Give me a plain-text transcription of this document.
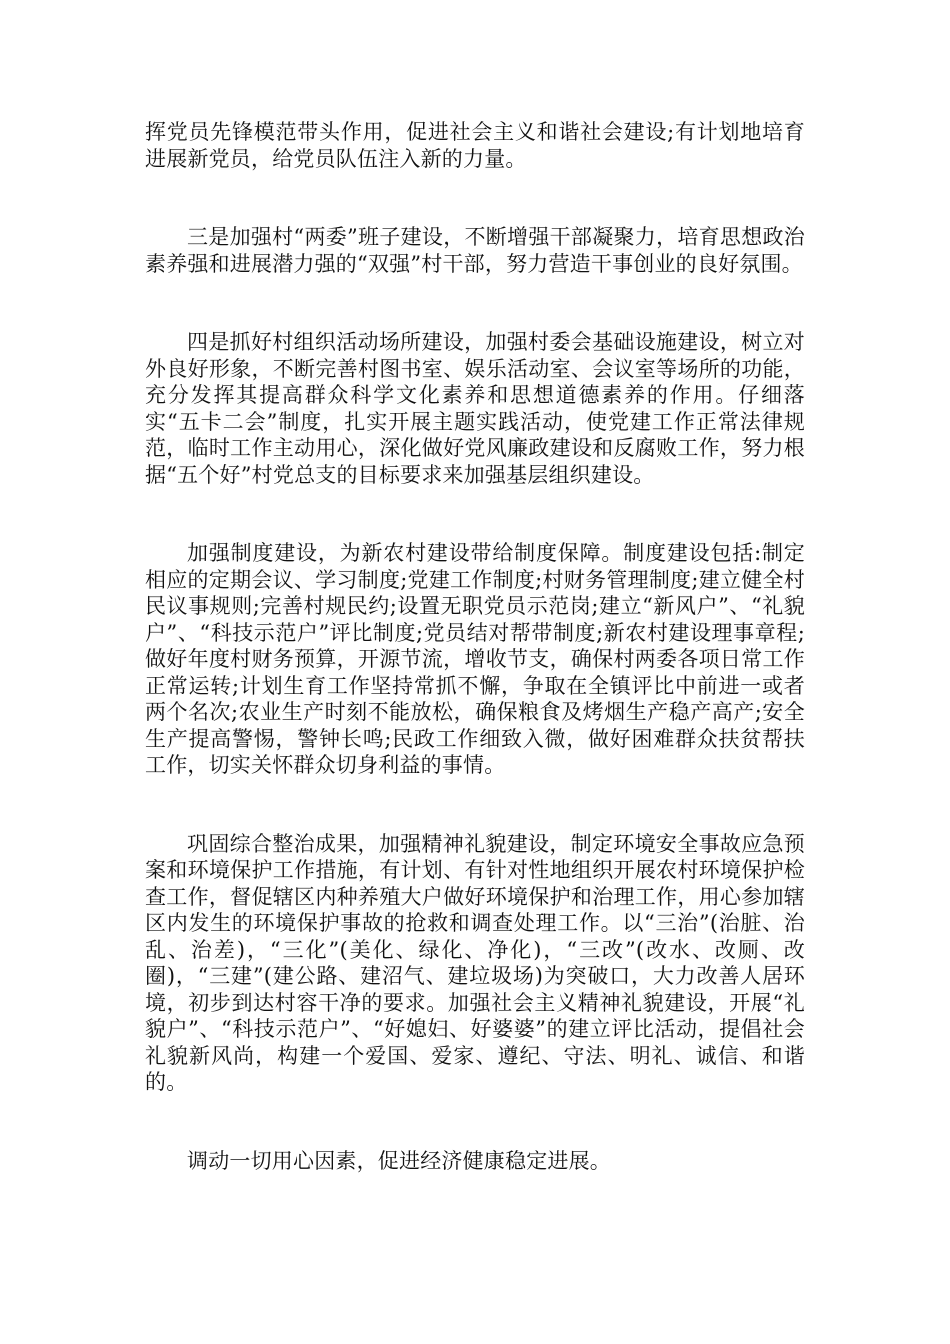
挥党员先锋模范带头作用，促进社会主义和谐社会建设;有计划地培育进展新党员，给党员队伍注入新的力量。

三是加强村“两委”班子建设，不断增强干部凝聚力，培育思想政治素养强和进展潜力强的“双强”村干部，努力营造干事创业的良好氛围。

四是抓好村组织活动场所建设，加强村委会基础设施建设，树立对外良好形象，不断完善村图书室、娱乐活动室、会议室等场所的功能，充分发挥其提高群众科学文化素养和思想道德素养的作用。仔细落实“五卡二会”制度，扎实开展主题实践活动，使党建工作正常法律规范，临时工作主动用心，深化做好党风廉政建设和反腐败工作，努力根据“五个好”村党总支的目标要求来加强基层组织建设。

加强制度建设，为新农村建设带给制度保障。制度建设包括:制定相应的定期会议、学习制度;党建工作制度;村财务管理制度;建立健全村民议事规则;完善村规民约;设置无职党员示范岗;建立“新风户”、“礼貌户”、“科技示范户”评比制度;党员结对帮带制度;新农村建设理事章程;做好年度村财务预算，开源节流，增收节支，确保村两委各项日常工作正常运转;计划生育工作坚持常抓不懈，争取在全镇评比中前进一或者两个名次;农业生产时刻不能放松，确保粮食及烤烟生产稳产高产;安全生产提高警惕，警钟长鸣;民政工作细致入微，做好困难群众扶贫帮扶工作，切实关怀群众切身利益的事情。

巩固综合整治成果，加强精神礼貌建设，制定环境安全事故应急预案和环境保护工作措施，有计划、有针对性地组织开展农村环境保护检查工作，督促辖区内种养殖大户做好环境保护和治理工作，用心参加辖区内发生的环境保护事故的抢救和调查处理工作。以“三治”(治脏、治乱、治差)，“三化”(美化、绿化、净化)，“三改”(改水、改厕、改圈)，“三建”(建公路、建沼气、建垃圾场)为突破口，大力改善人居环境，初步到达村容干净的要求。加强社会主义精神礼貌建设，开展“礼貌户”、“科技示范户”、“好媳妇、好婆婆”的建立评比活动，提倡社会礼貌新风尚，构建一个爱国、爱家、遵纪、守法、明礼、诚信、和谐的。

调动一切用心因素，促进经济健康稳定进展。
